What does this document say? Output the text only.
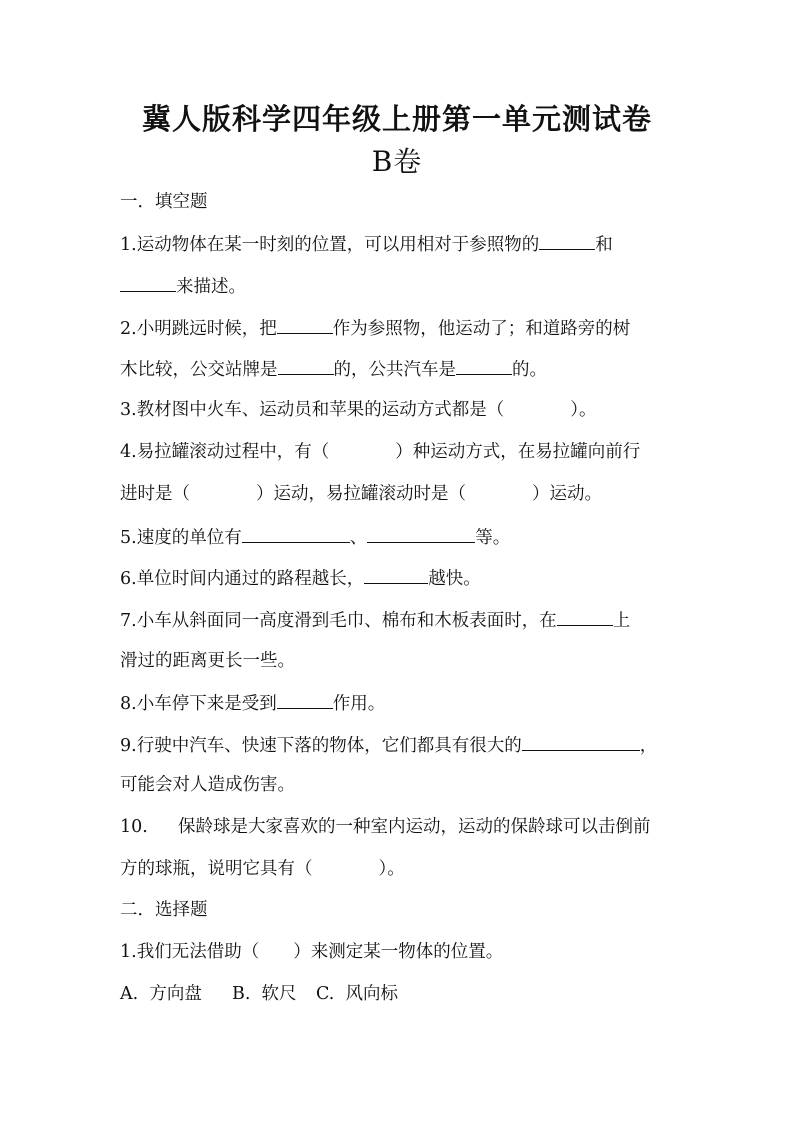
冀人版科学四年级上册第一单元测试卷
B卷
一．填空题
1.运动物体在某一时刻的位置，可以用相对于参照物的	和
来描述。
2.小明跳远时候，把	作为参照物，他运动了；和道路旁的树
木比较，公交站牌是	的，公共汽车是	的。
3.教材图中火车、运动员和苹果的运动方式都是（	）。
4.易拉罐滚动过程中，有（	）种运动方式，在易拉罐向前行
进时是（	）运动，易拉罐滚动时是（	）运动。
5.速度的单位有	、	等。
6.单位时间内通过的路程越长，	越快。
7.小车从斜面同一高度滑到毛巾、棉布和木板表面时，在	上
滑过的距离更长一些。
8.小车停下来是受到	作用。
9.行驶中汽车、快速下落的物体，它们都具有很大的	，
可能会对人造成伤害。
10. 保龄球是大家喜欢的一种室内运动，运动的保龄球可以击倒前
方的球瓶，说明它具有（	）。
二．选择题
1.我们无法借助（ ）来测定某一物体的位置。
A.  方向盘 B.  软尺 C.  风向标
